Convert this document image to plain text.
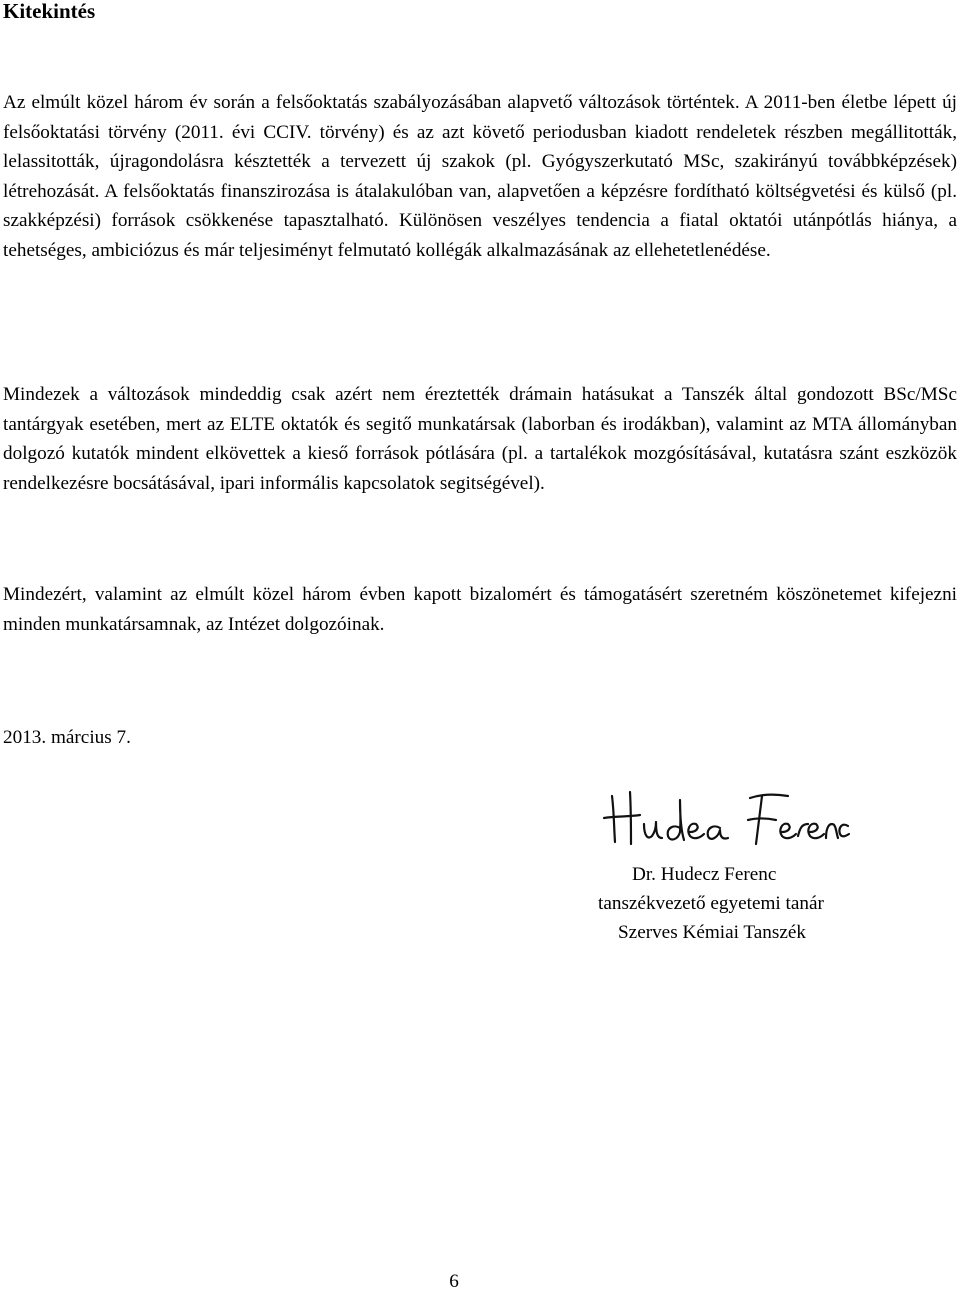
Kitekintés

Az elmúlt közel három év során a felsőoktatás szabályozásában alapvető változások történtek. A 2011-ben életbe lépett új felsőoktatási törvény (2011. évi CCIV. törvény) és az azt követő periodusban kiadott rendeletek részben megállitották, lelassitották, újragondolásra késztették a tervezett új szakok (pl. Gyógyszerkutató MSc, szakirányú továbbképzések) létrehozását. A felsőoktatás finanszirozása is átalakulóban van, alapvetően a képzésre fordítható költségvetési és külső (pl. szakképzési) források csökkenése tapasztalható. Különösen veszélyes tendencia a fiatal oktatói utánpótlás hiánya, a tehetséges, ambiciózus és már teljesiményt felmutató kollégák alkalmazásának az ellehetetlenédése.

Mindezek a változások mindeddig csak azért nem éreztették drámain hatásukat a Tanszék által gondozott BSc/MSc tantárgyak esetében, mert az ELTE oktatók és segitő munkatársak (laborban és irodákban), valamint az MTA állományban dolgozó kutatók mindent elkövettek a kieső források pótlására (pl. a tartalékok mozgósításával, kutatásra szánt eszközök rendelkezésre bocsátásával, ipari informális kapcsolatok segitségével).

Mindezért, valamint az elmúlt közel három évben kapott bizalomért és támogatásért szeretném köszönetemet kifejezni minden munkatársamnak, az Intézet dolgozóinak.

2013. március 7.

Dr. Hudecz Ferenc
tanszékvezető egyetemi tanár
Szerves Kémiai Tanszék
6
